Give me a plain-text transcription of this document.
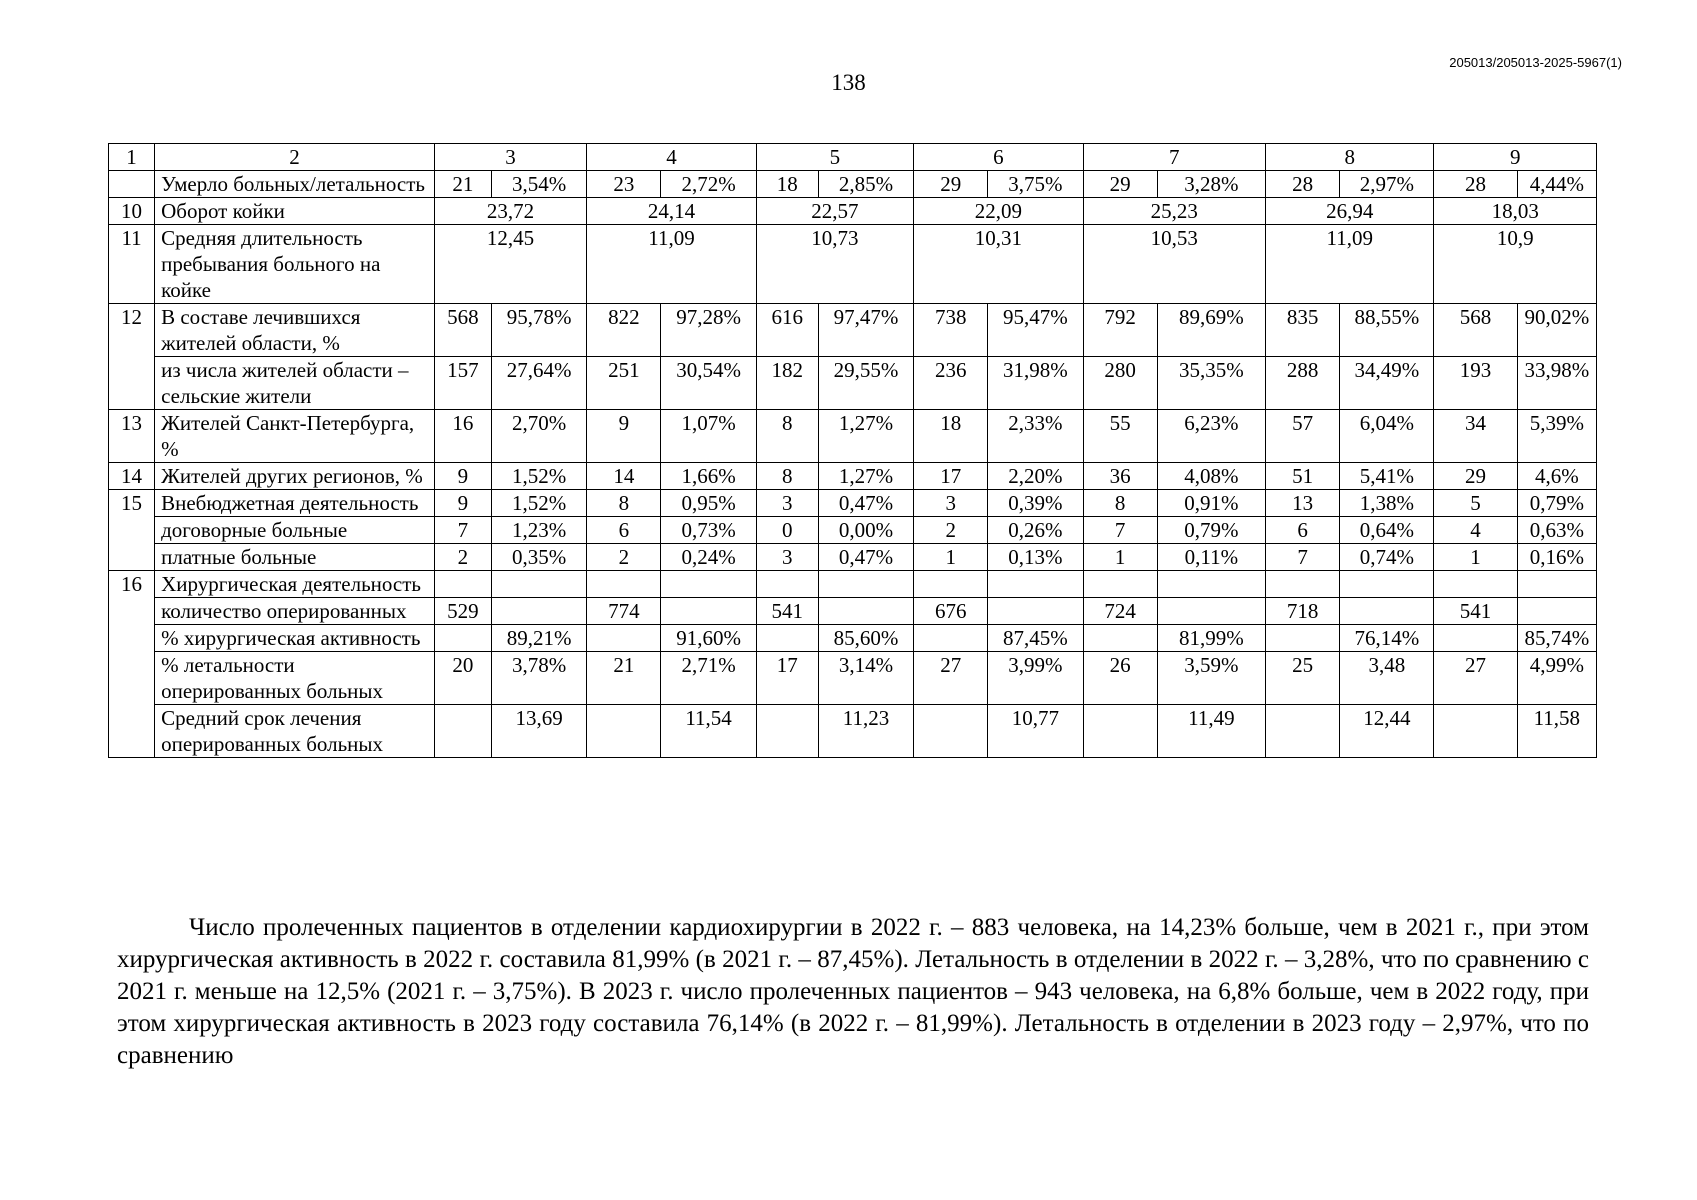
205013/205013-2025-5967(1)
138
1	2	3		4		5		6		7		8		9	
	Умерло больных/летальность	21	3,54%	23	2,72%	18	2,85%	29	3,75%	29	3,28%	28	2,97%	28	4,44%
10	Оборот койки	23,72		24,14		22,57		22,09		25,23		26,94		18,03	
11	Средняя длительность пребывания больного на койке	12,45		11,09		10,73		10,31		10,53		11,09		10,9	
12	В составе лечившихся жителей области, %	568	95,78%	822	97,28%	616	97,47%	738	95,47%	792	89,69%	835	88,55%	568	90,02%
	из числа жителей области – сельские жители	157	27,64%	251	30,54%	182	29,55%	236	31,98%	280	35,35%	288	34,49%	193	33,98%
13	Жителей Санкт-Петербурга, %	16	2,70%	9	1,07%	8	1,27%	18	2,33%	55	6,23%	57	6,04%	34	5,39%
14	Жителей других регионов, %	9	1,52%	14	1,66%	8	1,27%	17	2,20%	36	4,08%	51	5,41%	29	4,6%
15	Внебюджетная деятельность	9	1,52%	8	0,95%	3	0,47%	3	0,39%	8	0,91%	13	1,38%	5	0,79%
	договорные больные	7	1,23%	6	0,73%	0	0,00%	2	0,26%	7	0,79%	6	0,64%	4	0,63%
	платные больные	2	0,35%	2	0,24%	3	0,47%	1	0,13%	1	0,11%	7	0,74%	1	0,16%
16	Хирургическая деятельность														
	количество оперированных	529		774		541		676		724		718		541	
	% хирургическая активность		89,21%		91,60%		85,60%		87,45%		81,99%		76,14%		85,74%
	% летальности оперированных больных	20	3,78%	21	2,71%	17	3,14%	27	3,99%	26	3,59%	25	3,48	27	4,99%
	Средний срок лечения оперированных больных		13,69		11,54		11,23		10,77		11,49		12,44		11,58
Число пролеченных пациентов в отделении кардиохирургии в 2022 г. – 883 человека, на 14,23% больше, чем в 2021 г., при этом хирургическая активность в 2022 г. составила 81,99% (в 2021 г. – 87,45%). Летальность в отделении в 2022 г. – 3,28%, что по сравнению с 2021 г. меньше на 12,5% (2021 г. – 3,75%). В 2023 г. число пролеченных пациентов – 943 человека, на 6,8% больше, чем в 2022 году, при этом хирургическая активность в 2023 году составила 76,14% (в 2022 г. – 81,99%). Летальность в отделении в 2023 году – 2,97%, что по сравнению
